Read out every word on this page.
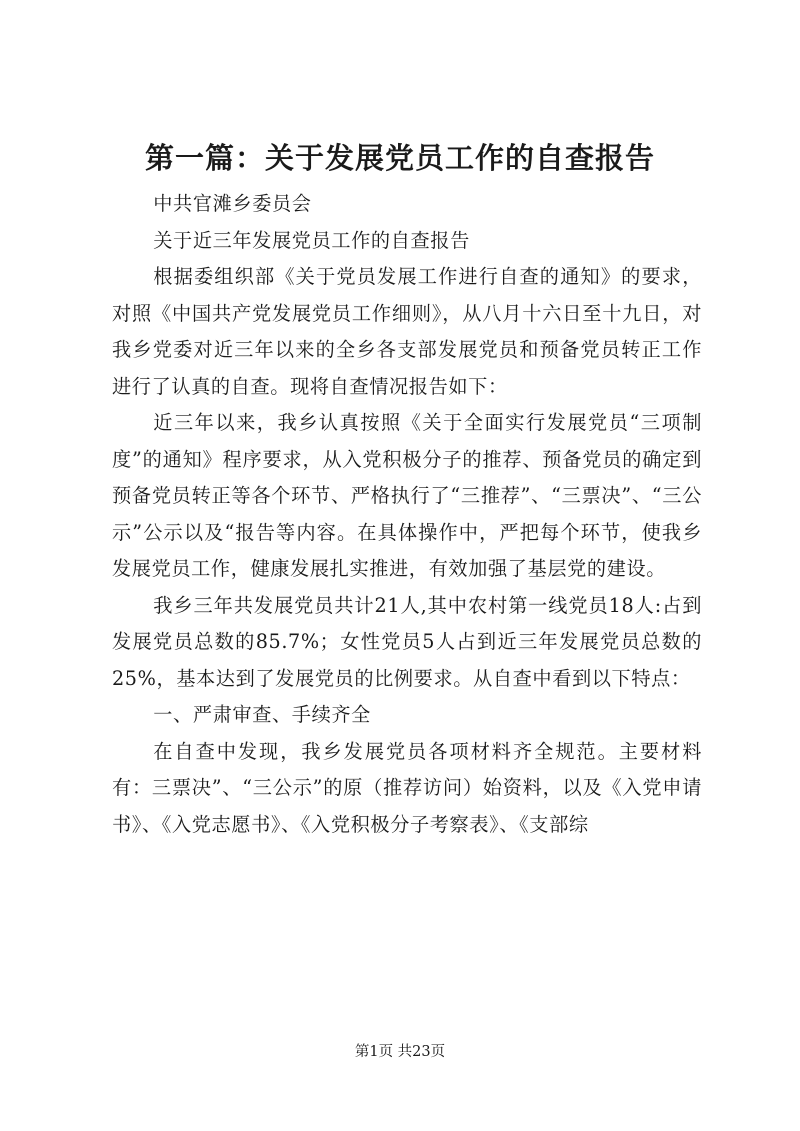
第一篇：关于发展党员工作的自查报告

中共官滩乡委员会

关于近三年发展党员工作的自查报告

根据委组织部《关于党员发展工作进行自查的通知》的要求，对照《中国共产党发展党员工作细则》，从八月十六日至十九日，对我乡党委对近三年以来的全乡各支部发展党员和预备党员转正工作进行了认真的自查。现将自查情况报告如下：

近三年以来，我乡认真按照《关于全面实行发展党员“三项制度”的通知》程序要求，从入党积极分子的推荐、预备党员的确定到预备党员转正等各个环节、严格执行了“三推荐”、“三票决”、“三公示”公示以及“报告等内容。在具体操作中，严把每个环节，使我乡发展党员工作，健康发展扎实推进，有效加强了基层党的建设。

我乡三年共发展党员共计21人,其中农村第一线党员18人:占到发展党员总数的85.7%；女性党员5人占到近三年发展党员总数的25%，基本达到了发展党员的比例要求。从自查中看到以下特点：

一、严肃审查、手续齐全

在自查中发现，我乡发展党员各项材料齐全规范。主要材料有：三票决”、“三公示”的原（推荐访问）始资料，以及《入党申请书》、《入党志愿书》、《入党积极分子考察表》、《支部综

第1页 共23页
